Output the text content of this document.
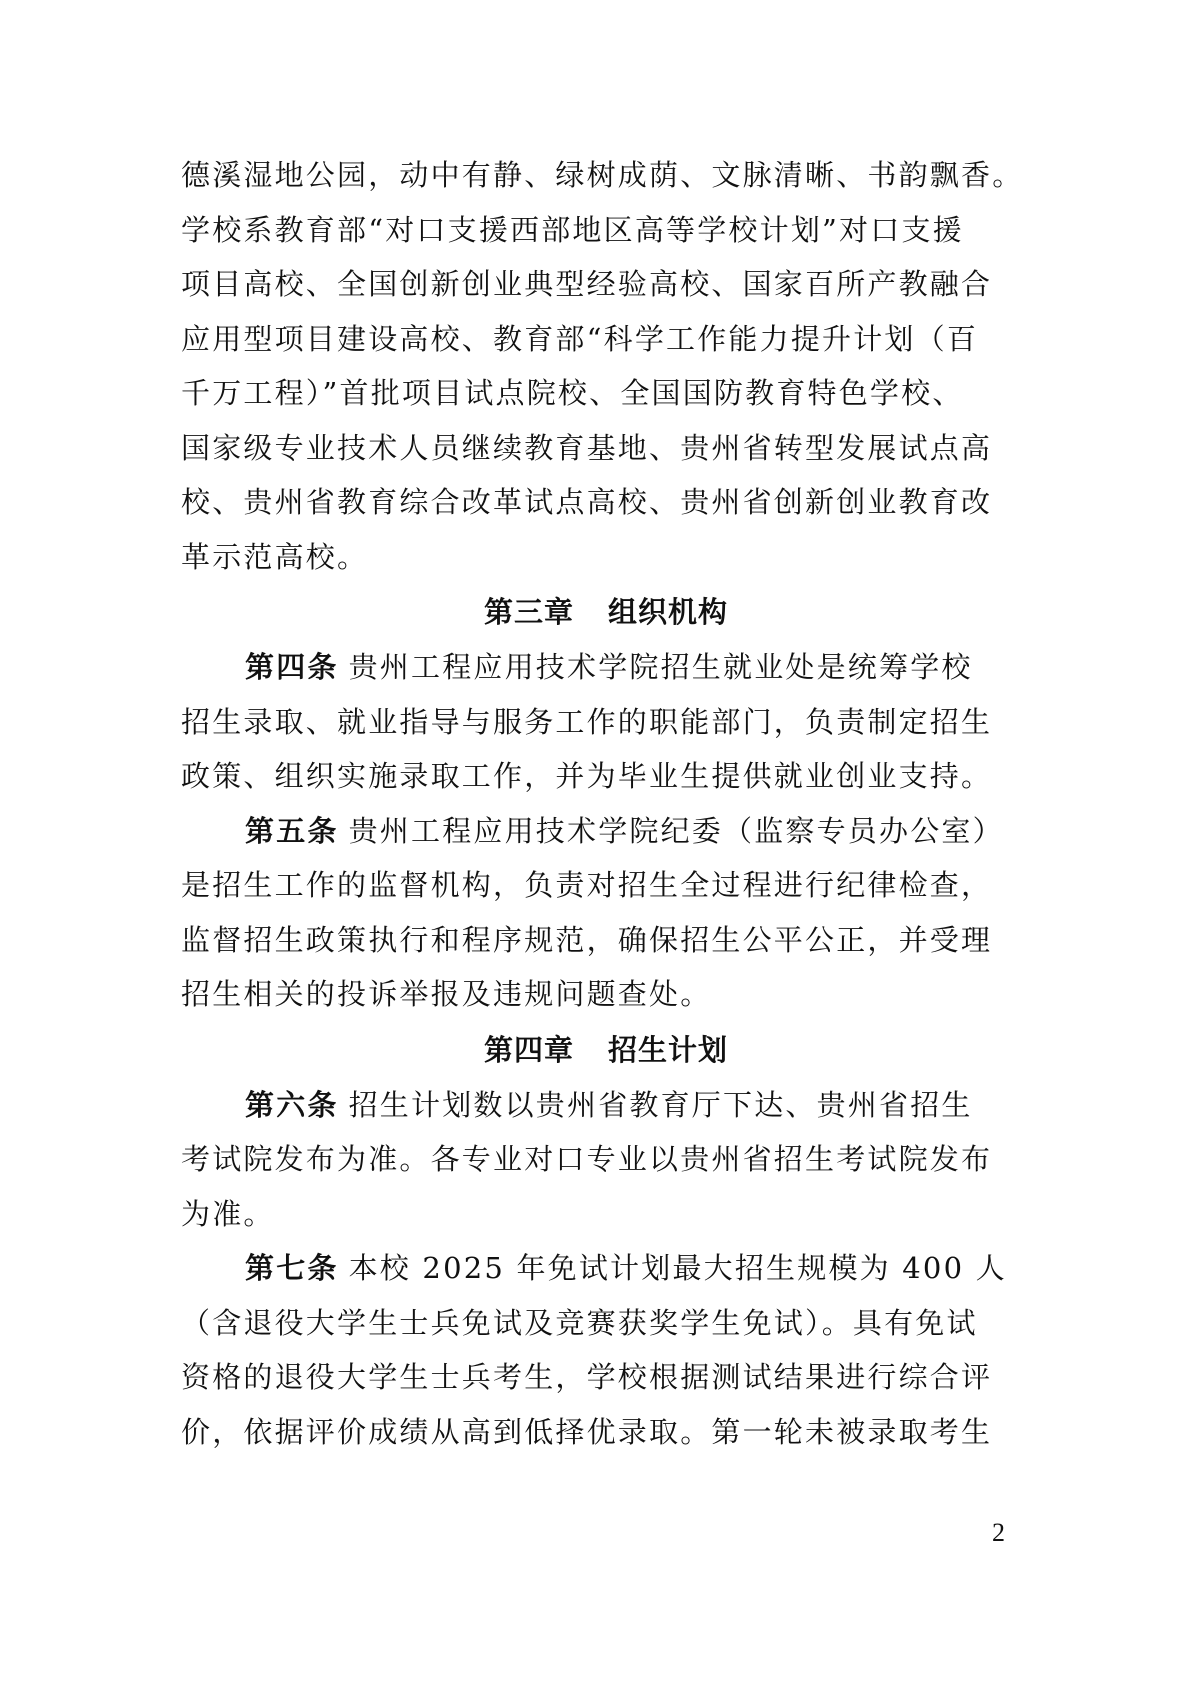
德溪湿地公园，动中有静、绿树成荫、文脉清晰、书韵飘香。
学校系教育部“对口支援西部地区高等学校计划”对口支援
项目高校、全国创新创业典型经验高校、国家百所产教融合
应用型项目建设高校、教育部“科学工作能力提升计划（百
千万工程）”首批项目试点院校、全国国防教育特色学校、
国家级专业技术人员继续教育基地、贵州省转型发展试点高
校、贵州省教育综合改革试点高校、贵州省创新创业教育改
革示范高校。
第三章 组织机构
第四条 贵州工程应用技术学院招生就业处是统筹学校
招生录取、就业指导与服务工作的职能部门，负责制定招生
政策、组织实施录取工作，并为毕业生提供就业创业支持。
第五条 贵州工程应用技术学院纪委（监察专员办公室）
是招生工作的监督机构，负责对招生全过程进行纪律检查，
监督招生政策执行和程序规范，确保招生公平公正，并受理
招生相关的投诉举报及违规问题查处。
第四章 招生计划
第六条 招生计划数以贵州省教育厅下达、贵州省招生
考试院发布为准。各专业对口专业以贵州省招生考试院发布
为准。
第七条 本校 2025 年免试计划最大招生规模为 400 人
（含退役大学生士兵免试及竞赛获奖学生免试）。具有免试
资格的退役大学生士兵考生，学校根据测试结果进行综合评
价，依据评价成绩从高到低择优录取。第一轮未被录取考生
2
